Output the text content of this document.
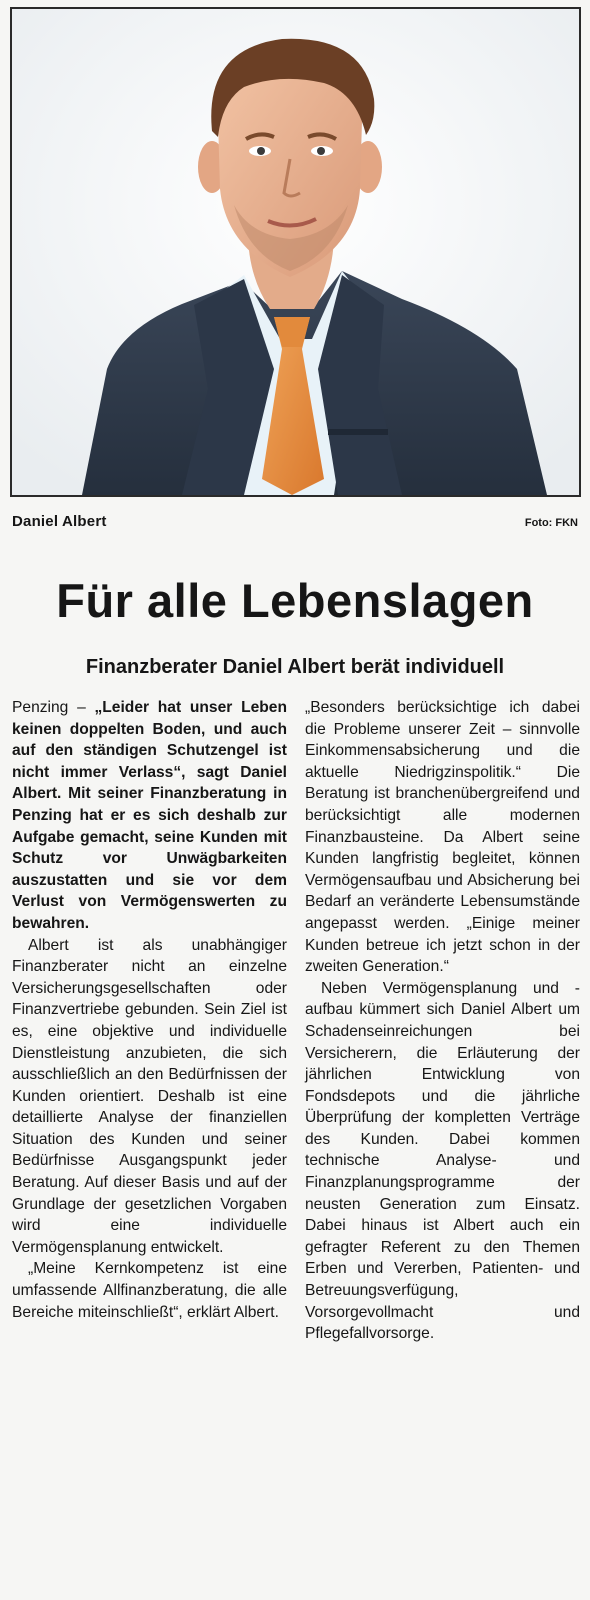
Daniel Albert	Foto: FKN
Für alle Lebenslagen
Finanzberater Daniel Albert berät individuell

Penzing – „Leider hat unser Leben keinen doppelten Boden, und auch auf den ständigen Schutzengel ist nicht immer Verlass“, sagt Daniel Albert. Mit seiner Finanzberatung in Penzing hat er es sich deshalb zur Aufgabe gemacht, seine Kunden mit Schutz vor Unwägbarkeiten auszustatten und sie vor dem Verlust von Vermögenswerten zu bewahren.

Albert ist als unabhängiger Finanzberater nicht an einzelne Versicherungsgesellschaften oder Finanzvertriebe gebunden. Sein Ziel ist es, eine objektive und individuelle Dienstleistung anzubieten, die sich ausschließlich an den Bedürfnissen der Kunden orientiert. Deshalb ist eine detaillierte Analyse der finanziellen Situation des Kunden und seiner Bedürfnisse Ausgangspunkt jeder Beratung. Auf dieser Basis und auf der Grundlage der gesetzlichen Vorgaben wird eine individuelle Vermögensplanung entwickelt.

„Meine Kernkompetenz ist eine umfassende Allfinanzberatung, die alle Bereiche miteinschließt“, erklärt Albert.

„Besonders berücksichtige ich dabei die Probleme unserer Zeit – sinnvolle Einkommensabsicherung und die aktuelle Niedrigzinspolitik.“ Die Beratung ist branchenübergreifend und berücksichtigt alle modernen Finanzbausteine. Da Albert seine Kunden langfristig begleitet, können Vermögensaufbau und Absicherung bei Bedarf an veränderte Lebensumstände angepasst werden. „Einige meiner Kunden betreue ich jetzt schon in der zweiten Generation.“

Neben Vermögensplanung und -aufbau kümmert sich Daniel Albert um Schadenseinreichungen bei Versicherern, die Erläuterung der jährlichen Entwicklung von Fondsdepots und die jährliche Überprüfung der kompletten Verträge des Kunden. Dabei kommen technische Analyse- und Finanzplanungsprogramme der neusten Generation zum Einsatz. Dabei hinaus ist Albert auch ein gefragter Referent zu den Themen Erben und Vererben, Patienten- und Betreuungsverfügung, Vorsorgevollmacht und Pflegefallvorsorge.
